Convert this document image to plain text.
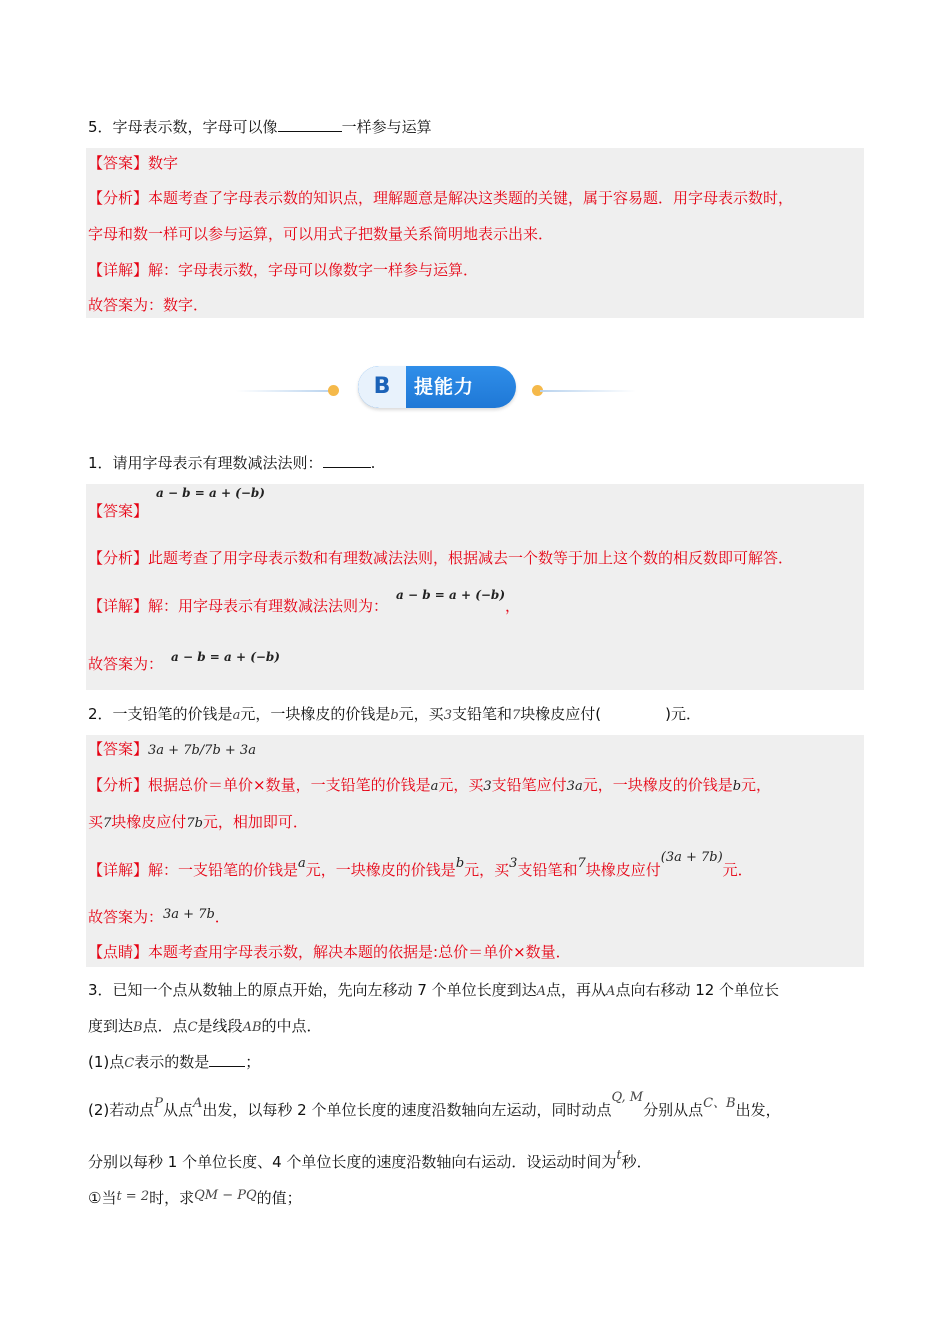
5．字母表示数，字母可以像	一样参与运算
【答案】数字
【分析】本题考查了字母表示数的知识点，理解题意是解决这类题的关键，属于容易题．用字母表示数时，
字母和数一样可以参与运算，可以用式子把数量关系简明地表示出来．
【详解】解：字母表示数，字母可以像数字一样参与运算．
故答案为：数字．
B	提能力
1．请用字母表示有理数减法法则：	.
a − b = a + (−b)
【答案】
【分析】此题考查了用字母表示数和有理数减法法则，根据减去一个数等于加上这个数的相反数即可解答．
【详解】解：用字母表示有理数减法法则为：$^{a - b = a + (-b)}$，
故答案为： $^{a - b = a + (-b)}$
2．一支铅笔的价钱是a元，一块橡皮的价钱是b元，买3支铅笔和7块橡皮应付(	)元．
【答案】3a + 7b/7b + 3a
【分析】根据总价＝单价×数量，一支铅笔的价钱是a元，买3支铅笔应付3a元，一块橡皮的价钱是b元，
买7块橡皮应付7b元，相加即可．
【详解】解：一支铅笔的价钱是a元，一块橡皮的价钱是b元，买3支铅笔和7块橡皮应付(3a + 7b)元．
故答案为：3a + 7b．
【点睛】本题考查用字母表示数，解决本题的依据是:总价＝单价×数量．
3．已知一个点从数轴上的原点开始，先向左移动 7 个单位长度到达A点，再从A点向右移动 12 个单位长
度到达B点．点C是线段AB的中点．
(1)点C表示的数是 ；
(2)若动点P从点A出发，以每秒 2 个单位长度的速度沿数轴向左运动，同时动点Q, M分别从点C、B出发，
分别以每秒 1 个单位长度、4 个单位长度的速度沿数轴向右运动．设运动时间为t秒．
①当t = 2时，求QM − PQ的值；
